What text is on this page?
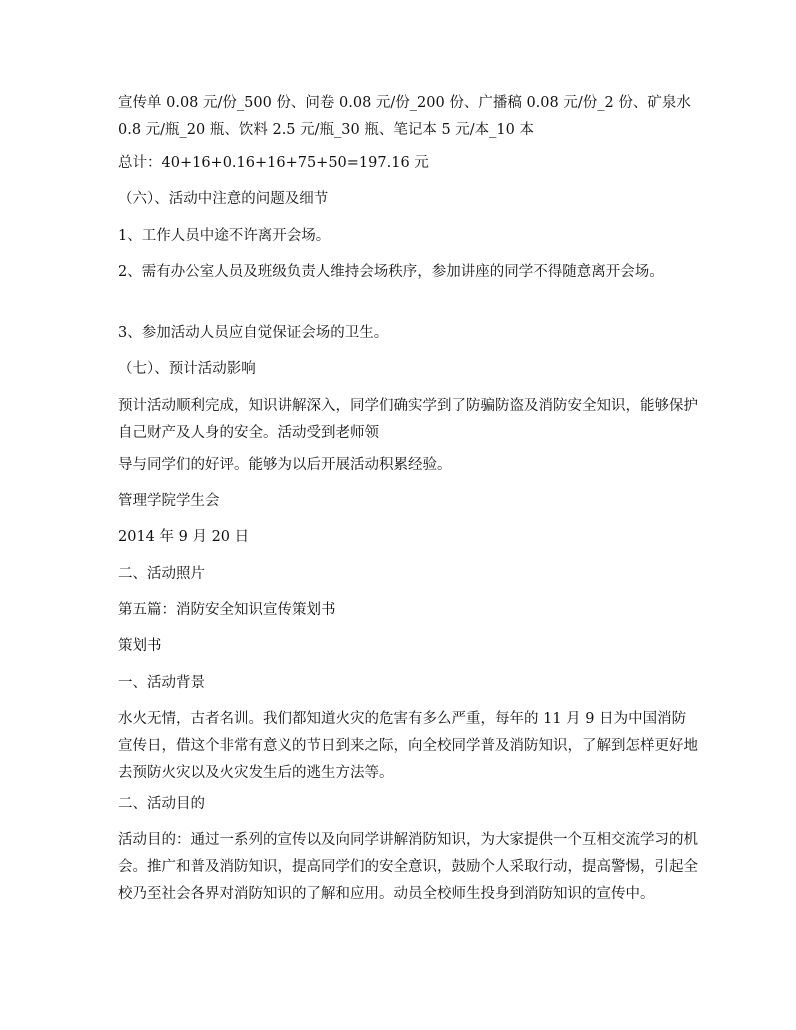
宣传单 0.08 元/份_500 份、问卷 0.08 元/份_200 份、广播稿 0.08 元/份_2 份、矿泉水 0.8 元/瓶_20 瓶、饮料 2.5 元/瓶_30 瓶、笔记本 5 元/本_10 本

总计：40+16+0.16+16+75+50=197.16 元

（六）、活动中注意的问题及细节

1、工作人员中途不许离开会场。

2、需有办公室人员及班级负责人维持会场秩序，参加讲座的同学不得随意离开会场。

3、参加活动人员应自觉保证会场的卫生。

（七）、预计活动影响

预计活动顺利完成，知识讲解深入，同学们确实学到了防骗防盗及消防安全知识，能够保护自己财产及人身的安全。活动受到老师领

导与同学们的好评。能够为以后开展活动积累经验。

管理学院学生会

2014 年 9 月 20 日

二、活动照片

第五篇：消防安全知识宣传策划书

策划书

一、活动背景

水火无情，古者名训。我们都知道火灾的危害有多么严重，每年的 11 月 9 日为中国消防宣传日，借这个非常有意义的节日到来之际，向全校同学普及消防知识，了解到怎样更好地去预防火灾以及火灾发生后的逃生方法等。

二、活动目的

活动目的：通过一系列的宣传以及向同学讲解消防知识，为大家提供一个互相交流学习的机会。推广和普及消防知识，提高同学们的安全意识，鼓励个人采取行动，提高警惕，引起全校乃至社会各界对消防知识的了解和应用。动员全校师生投身到消防知识的宣传中。
